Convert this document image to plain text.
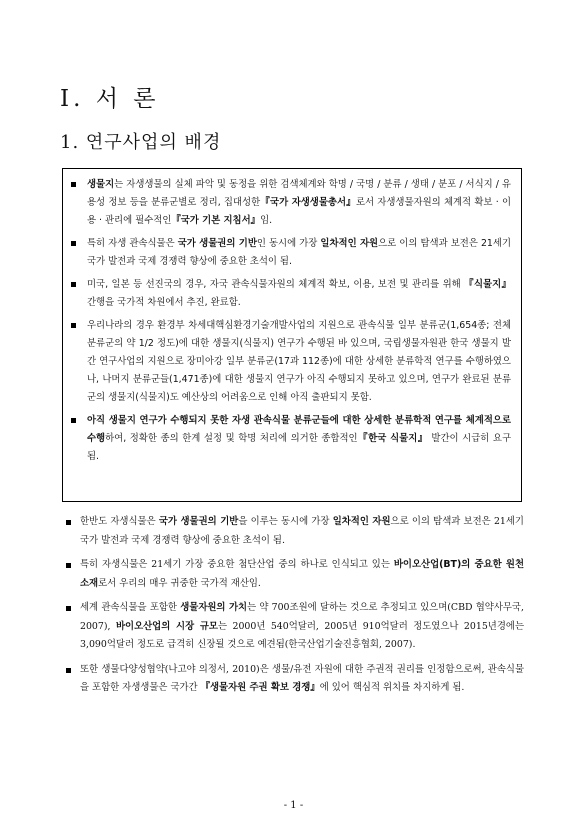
I. 서 론
1. 연구사업의 배경
생물지는 자생생물의 실체 파악 및 동정을 위한 검색체계와 학명 / 국명 / 분류 / 생태 / 분포 / 서식지 / 유용성 정보 등을 분류군별로 정리, 집대성한『국가 자생생물총서』로서 자생생물자원의 체계적 확보 · 이용 · 관리에 필수적인『국가 기본 지침서』임.
특히 자생 관속식물은 국가 생물권의 기반인 동시에 가장 일차적인 자원으로 이의 탐색과 보전은 21세기 국가 발전과 국제 경쟁력 향상에 중요한 초석이 됨.
미국, 일본 등 선진국의 경우, 자국 관속식물자원의 체계적 확보, 이용, 보전 및 관리를 위해 『식물지』 간행을 국가적 차원에서 추진, 완료함.
우리나라의 경우 환경부 차세대핵심환경기술개발사업의 지원으로 관속식물 일부 분류군(1,654종; 전체 분류군의 약 1/2 정도)에 대한 생물지(식물지) 연구가 수행된 바 있으며, 국립생물자원관 한국 생물지 발간 연구사업의 지원으로 장미아강 일부 분류군(17과 112종)에 대한 상세한 분류학적 연구를 수행하였으나, 나머지 분류군들(1,471종)에 대한 생물지 연구가 아직 수행되지 못하고 있으며, 연구가 완료된 분류군의 생물지(식물지)도 예산상의 어려움으로 인해 아직 출판되지 못함.
아직 생물지 연구가 수행되지 못한 자생 관속식물 분류군들에 대한 상세한 분류학적 연구를 체계적으로 수행하여, 정확한 종의 한계 설정 및 학명 처리에 의거한 종합적인『한국 식물지』 발간이 시급히 요구됨.
한반도 자생식물은 국가 생물권의 기반을 이루는 동시에 가장 일차적인 자원으로 이의 탐색과 보전은 21세기 국가 발전과 국제 경쟁력 향상에 중요한 초석이 됨.
특히 자생식물은 21세기 가장 중요한 첨단산업 중의 하나로 인식되고 있는 바이오산업(BT)의 중요한 원천 소재로서 우리의 매우 귀중한 국가적 재산임.
세계 관속식물을 포함한 생물자원의 가치는 약 700조원에 달하는 것으로 추정되고 있으며(CBD 협약사무국, 2007), 바이오산업의 시장 규모는 2000년 540억달러, 2005년 910억달러 정도였으나 2015년경에는 3,090억달러 정도로 급격히 신장될 것으로 예견됨(한국산업기술진흥협회, 2007).
또한 생물다양성협약(나고야 의정서, 2010)은 생물/유전 자원에 대한 주권적 권리를 인정함으로써, 관속식물을 포함한 자생생물은 국가간 『생물자원 주권 확보 경쟁』에 있어 핵심적 위치를 차지하게 됨.
- 1 -
